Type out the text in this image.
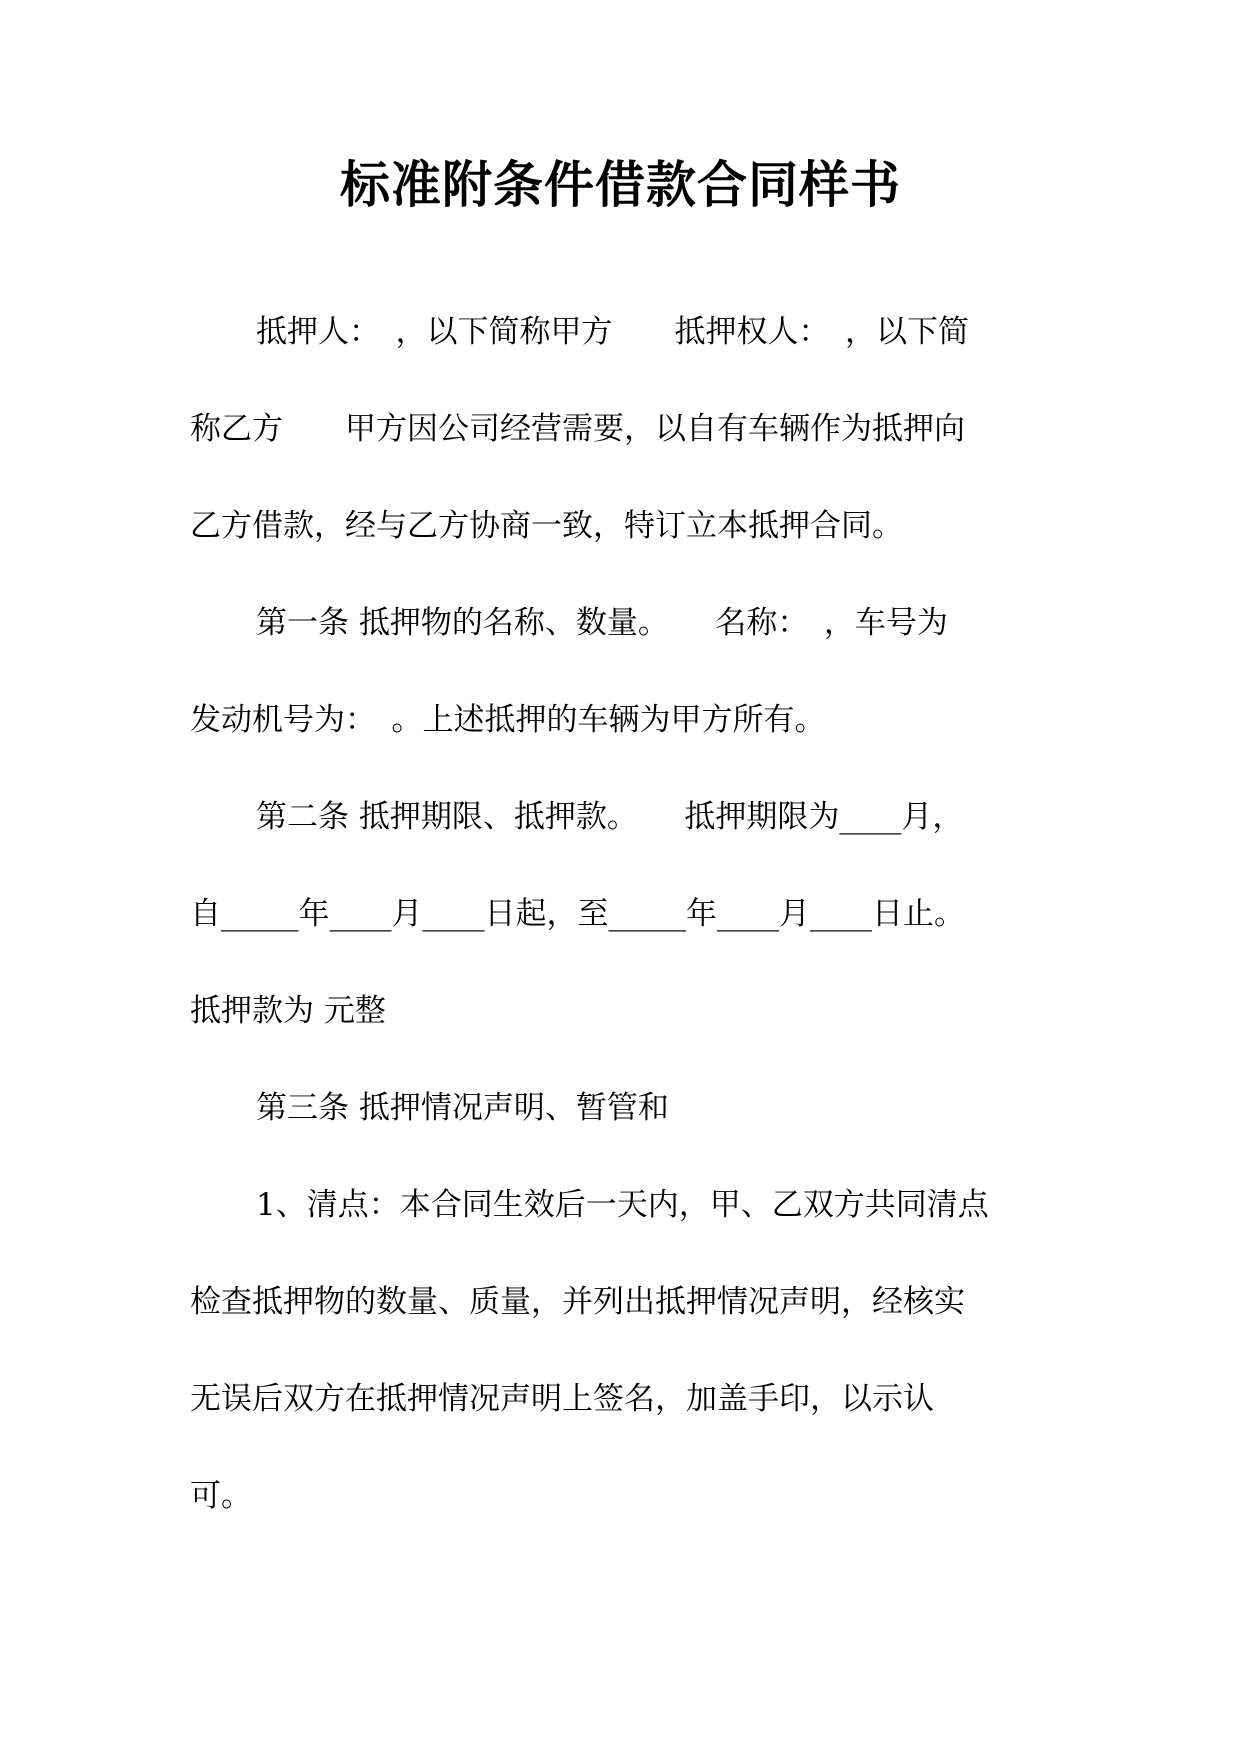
标准附条件借款合同样书

抵押人：　，以下简称甲方　　抵押权人：　，以下简

称乙方　　甲方因公司经营需要，以自有车辆作为抵押向

乙方借款，经与乙方协商一致，特订立本抵押合同。

第一条 抵押物的名称、数量。　　名称：　，车号为

发动机号为：　。上述抵押的车辆为甲方所有。

第二条 抵押期限、抵押款。　　抵押期限为____月，

自_____年____月____日起，至_____年____月____日止。

抵押款为 元整

第三条 抵押情况声明、暂管和

1、清点：本合同生效后一天内，甲、乙双方共同清点

检查抵押物的数量、质量，并列出抵押情况声明，经核实

无误后双方在抵押情况声明上签名，加盖手印，以示认

可。
